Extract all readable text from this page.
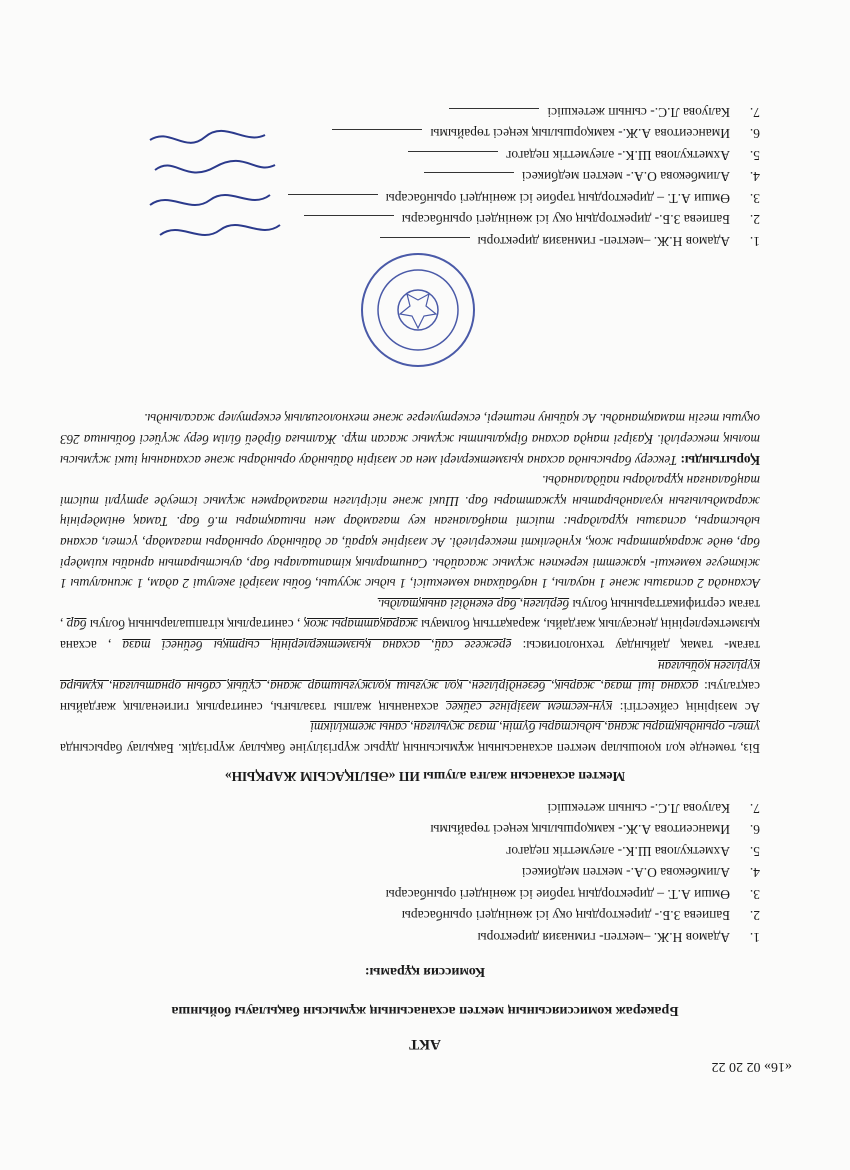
«16» 02 20 22
АКТ
Бракераж комиссиясының мектеп асханасының жұмысын бақылауы бойынша
Комиссия құрамы:
1.Адамов Н.Ж. –мектеп- гимназия директоры
2.Бапиева З.Б.- директордың оқу ісі жөніндегі орынбасары
3.Өмши А.Т. – директордың тәрбие ісі жөніндегі орынбасары
4.Алимбекова О.А.- мектеп медбикесі
5.Ахметкулова Ш.К.- әлеуметтік педагог
6.Имансеитова А.Ж.- камқоршылық кеңесі төрайымы
7.Калуова Л.С.- сынып жетекшісі
Мектеп асханасын жалға алушы ИП «ӘБІЛҚАСЫМ ЖАРҚЫН»
Біз, төменде қол қоюшылар мектеп асханасының жұмысының дұрыс жүргізілуіне бақылау жүргіздік. Бақылау барысында үтел- орындықтары жана, ыдыстары бүтін, таза жуылған, саны жеткілікті
Ас мәзірінің сәйкестігі: күн-кестем мәзірінге сәйкес асхананың жалпы тазалығы, санитарлық гигиеналық жағдайын сақталуы: асхана іші таза, жарық, безендірілген, қол жуғыш қолжуғыштар жана, сұйық сабын орнатылған, кұмыра күрілген қойылған
тағам- тамақ дайындау технологиясы: ережеге сай, асхана қызметкерлерінің сыртқы бейнесі таза , асхана қызметкерлерінің денсаулық жағдайы, жарақаттың болмауы жарақаттары жоқ , санитарлық кітапшаларының болуы бар , тағам сертификаттарының болуы берілген, бар екендігі анықталды.
Асханада 2 аспазшы және 1 науалы, 1 наубайхана көмекшісі, 1 ыдыс жуушы, бойы мәзірді әкелуші 2 адам, 1 жиналушы 1 жіктеуге көмекші- қажетті керекпен жұмыс жасайды. Санитарлық кітапшалары бар, ауыстыратын арнайы киімдері бар, өнде жарақаттары жоқ, күнделікті тексеріледі. Ас мәзіріне қарай, ас дайындау орындары тағамдар, үстел, асхана ыдыстары, аспазшы құралдары: тиісті таңбаланған кеу тағамдар мен пышақтары т.б бар. Тамақ өнімдерінің жарамдылығын куәландыратын құжаттары бар. Шикі және пісірілген тағамдармен жұмыс істеуде әртүрлі тиісті таңбаланған құралдары пайдаланады.
Қорытынды: Тексеру барысында асхана қызметкерлері мен ас мәзірін дайындау орындары және асхананың ішкі жұмысы толық тексерілді. Қазіргі таңда асхана бірқалыпты жұмыс жасап тұр. Жалпыға бірдей білім беру жүйесі бойынша 263 оқушы тегін тамақтанады. Ас қайыну пештері, ескертулерге және технологиялық ескертулер жасалынды.
1.Адамов Н.Ж. –мектеп- гимназия директоры
2.Бапиева З.Б.- директордың оқу ісі жөніндегі орынбасары
3.Өмши А.Т. – директордың тәрбие ісі жөніндегі орынбасары
4.Алимбекова О.А.- мектеп медбикесі
5.Ахметкулова Ш.К.- әлеуметтік педагог
6.Имансеитова А.Ж.- камқоршылық кеңесі төрайымы
7.Калуова Л.С.- сынып жетекшісі
